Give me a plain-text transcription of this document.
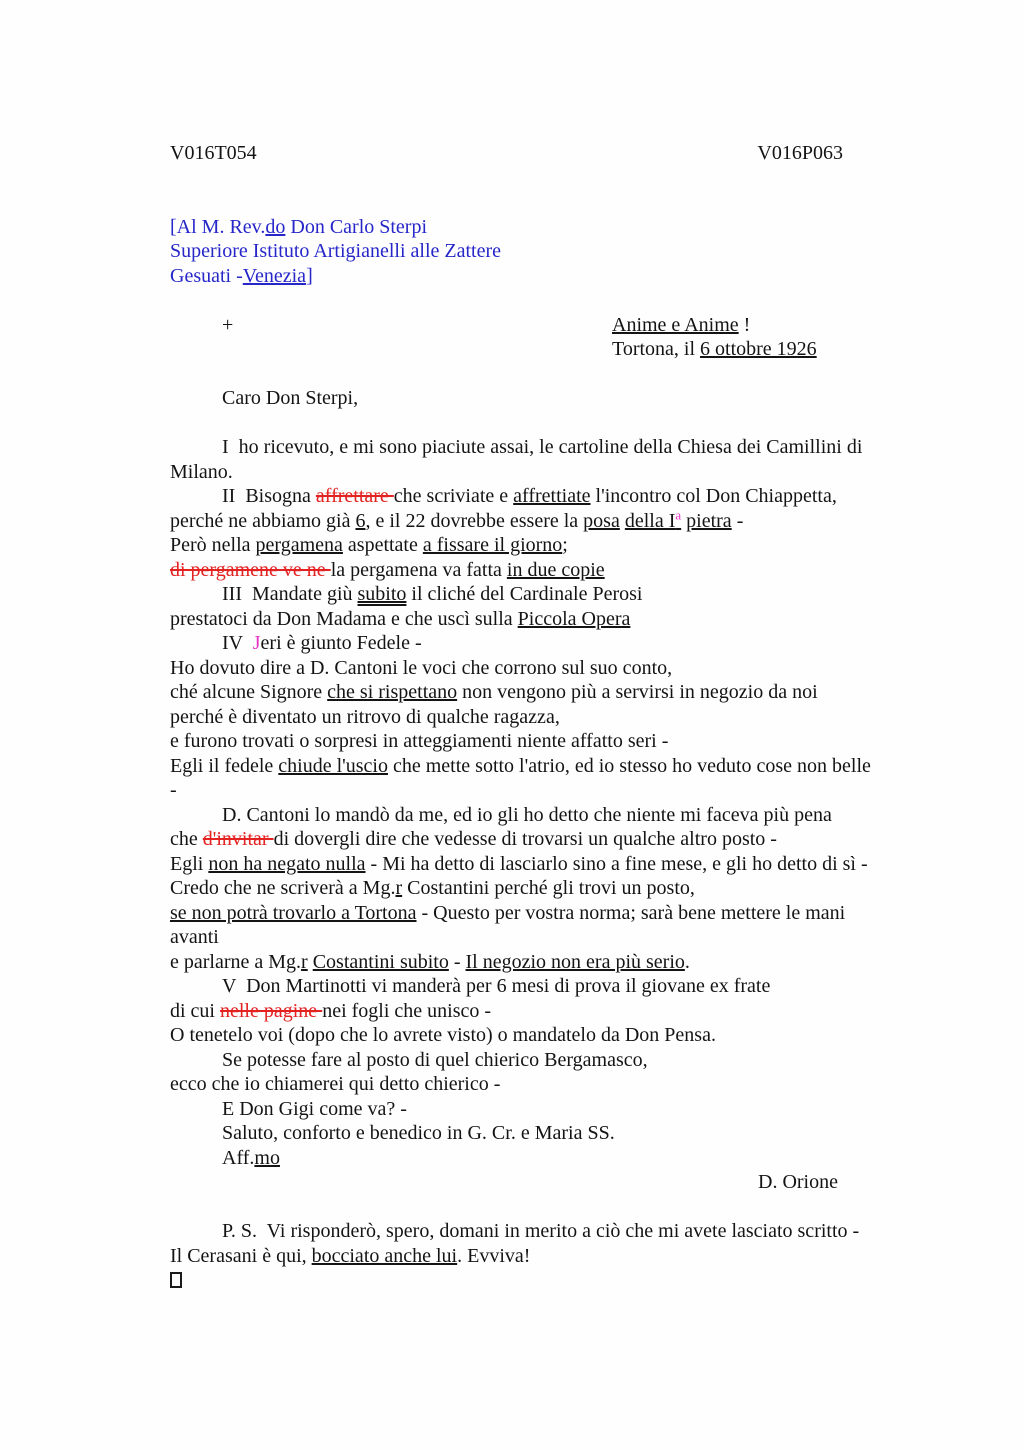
V016T054	V016P063

[Al M. Rev.do Don Carlo Sterpi
Superiore Istituto Artigianelli alle Zattere
Gesuati -Venezia]

+	Anime e Anime !
Tortona, il 6 ottobre 1926

Caro Don Sterpi,

I  ho ricevuto, e mi sono piaciute assai, le cartoline della Chiesa dei Camillini di
Milano.
II  Bisogna affrettare che scriviate e affrettiate l'incontro col Don Chiappetta,
perché ne abbiamo già 6, e il 22 dovrebbe essere la posa della $I^a$ pietra -
Però nella pergamena aspettate a fissare il giorno;
di pergamene ve ne la pergamena va fatta in due copie
III  Mandate giù subito il cliché del Cardinale Perosi
prestatoci da Don Madama e che uscì sulla Piccola Opera
IV  Jeri è giunto Fedele -
Ho dovuto dire a D. Cantoni le voci che corrono sul suo conto,
ché alcune Signore che si rispettano non vengono più a servirsi in negozio da noi
perché è diventato un ritrovo di qualche ragazza,
e furono trovati o sorpresi in atteggiamenti niente affatto seri -
Egli il fedele chiude l'uscio che mette sotto l'atrio, ed io stesso ho veduto cose non belle
-
D. Cantoni lo mandò da me, ed io gli ho detto che niente mi faceva più pena
che d'invitar di dovergli dire che vedesse di trovarsi un qualche altro posto -
Egli non ha negato nulla - Mi ha detto di lasciarlo sino a fine mese, e gli ho detto di sì -
Credo che ne scriverà a Mg.r Costantini perché gli trovi un posto,
se non potrà trovarlo a Tortona - Questo per vostra norma; sarà bene mettere le mani
avanti
e parlarne a Mg.r Costantini subito - Il negozio non era più serio.
V  Don Martinotti vi manderà per 6 mesi di prova il giovane ex frate
di cui nelle pagine nei fogli che unisco -
O tenetelo voi (dopo che lo avrete visto) o mandatelo da Don Pensa.
Se potesse fare al posto di quel chierico Bergamasco,
ecco che io chiamerei qui detto chierico -
E Don Gigi come va? -
Saluto, conforto e benedico in G. Cr. e Maria SS.
Aff.mo
D. Orione

P. S.  Vi risponderò, spero, domani in merito a ciò che mi avete lasciato scritto -
Il Cerasani è qui, bocciato anche lui. Evviva!
